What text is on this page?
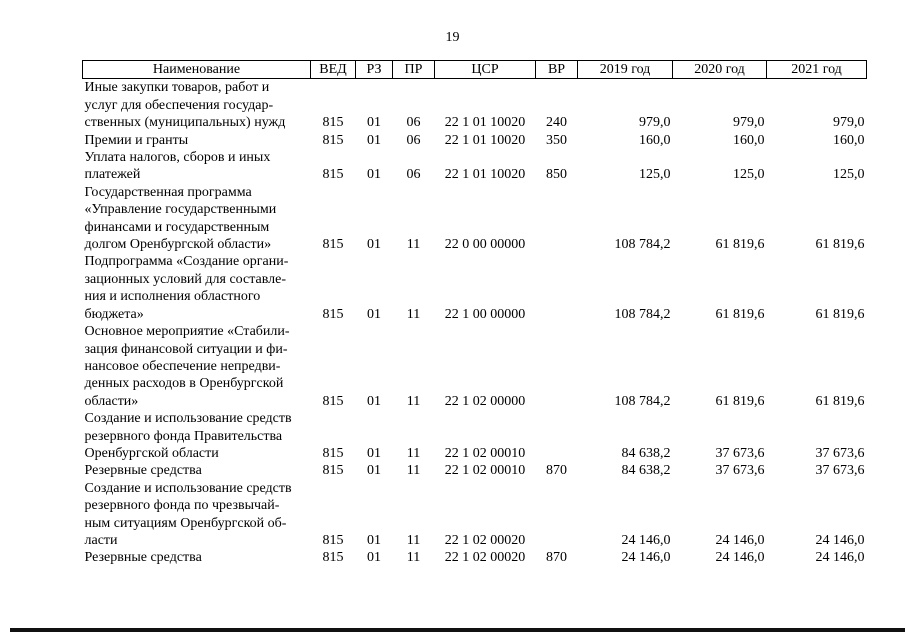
19
Наименование	ВЕД	РЗ	ПР	ЦСР	ВР	2019 год	2020 год	2021 год

Иные закупки товаров, работ и
услуг для обеспечения государ-
ственных (муниципальных) нужд	815	01	06	22 1 01 10020	240	979,0	979,0	979,0

Премии и гранты	815	01	06	22 1 01 10020	350	160,0	160,0	160,0

Уплата налогов, сборов и иных
платежей	815	01	06	22 1 01 10020	850	125,0	125,0	125,0

Государственная программа
«Управление государственными
финансами и государственным
долгом Оренбургской области»	815	01	11	22 0 00 00000		108 784,2	61 819,6	61 819,6

Подпрограмма «Создание органи-
зационных условий для составле-
ния и исполнения областного
бюджета»	815	01	11	22 1 00 00000		108 784,2	61 819,6	61 819,6

Основное мероприятие «Стабили-
зация финансовой ситуации и фи-
нансовое обеспечение непредви-
денных расходов в Оренбургской
области»	815	01	11	22 1 02 00000		108 784,2	61 819,6	61 819,6

Создание и использование средств
резервного фонда Правительства
Оренбургской области	815	01	11	22 1 02 00010		84 638,2	37 673,6	37 673,6

Резервные средства	815	01	11	22 1 02 00010	870	84 638,2	37 673,6	37 673,6

Создание и использование средств
резервного фонда по чрезвычай-
ным ситуациям Оренбургской об-
ласти	815	01	11	22 1 02 00020		24 146,0	24 146,0	24 146,0

Резервные средства	815	01	11	22 1 02 00020	870	24 146,0	24 146,0	24 146,0
